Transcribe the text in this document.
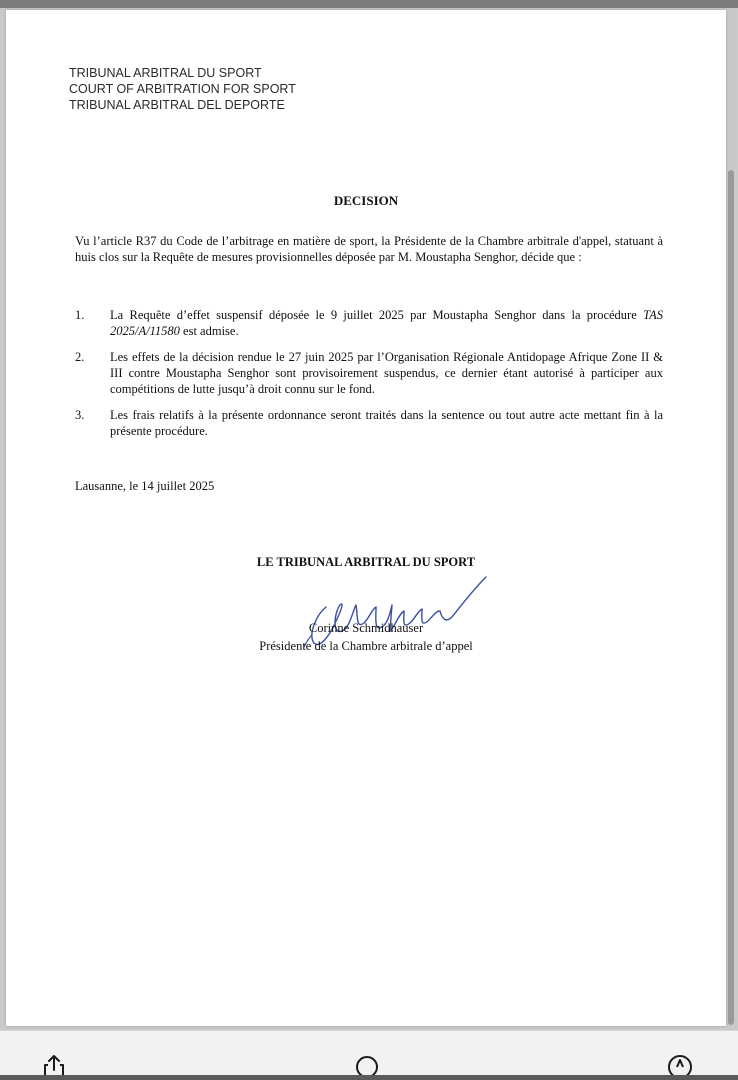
TRIBUNAL ARBITRAL DU SPORT
COURT OF ARBITRATION FOR SPORT
TRIBUNAL ARBITRAL DEL DEPORTE
DECISION
Vu l’article R37 du Code de l’arbitrage en matière de sport, la Présidente de la Chambre arbitrale d'appel, statuant à huis clos sur la Requête de mesures provisionnelles déposée par M. Moustapha Senghor, décide que :
1.	La Requête d’effet suspensif déposée le 9 juillet 2025 par Moustapha Senghor dans la procédure TAS 2025/A/11580 est admise.
2.	Les effets de la décision rendue le 27 juin 2025 par l’Organisation Régionale Antidopage Afrique Zone II & III contre Moustapha Senghor sont provisoirement suspendus, ce dernier étant autorisé à participer aux compétitions de lutte jusqu’à droit connu sur le fond.
3.	Les frais relatifs à la présente ordonnance seront traités dans la sentence ou tout autre acte mettant fin à la présente procédure.
Lausanne, le 14 juillet 2025
LE TRIBUNAL ARBITRAL DU SPORT
Corinne Schmidhauser
Présidente de la Chambre arbitrale d’appel
